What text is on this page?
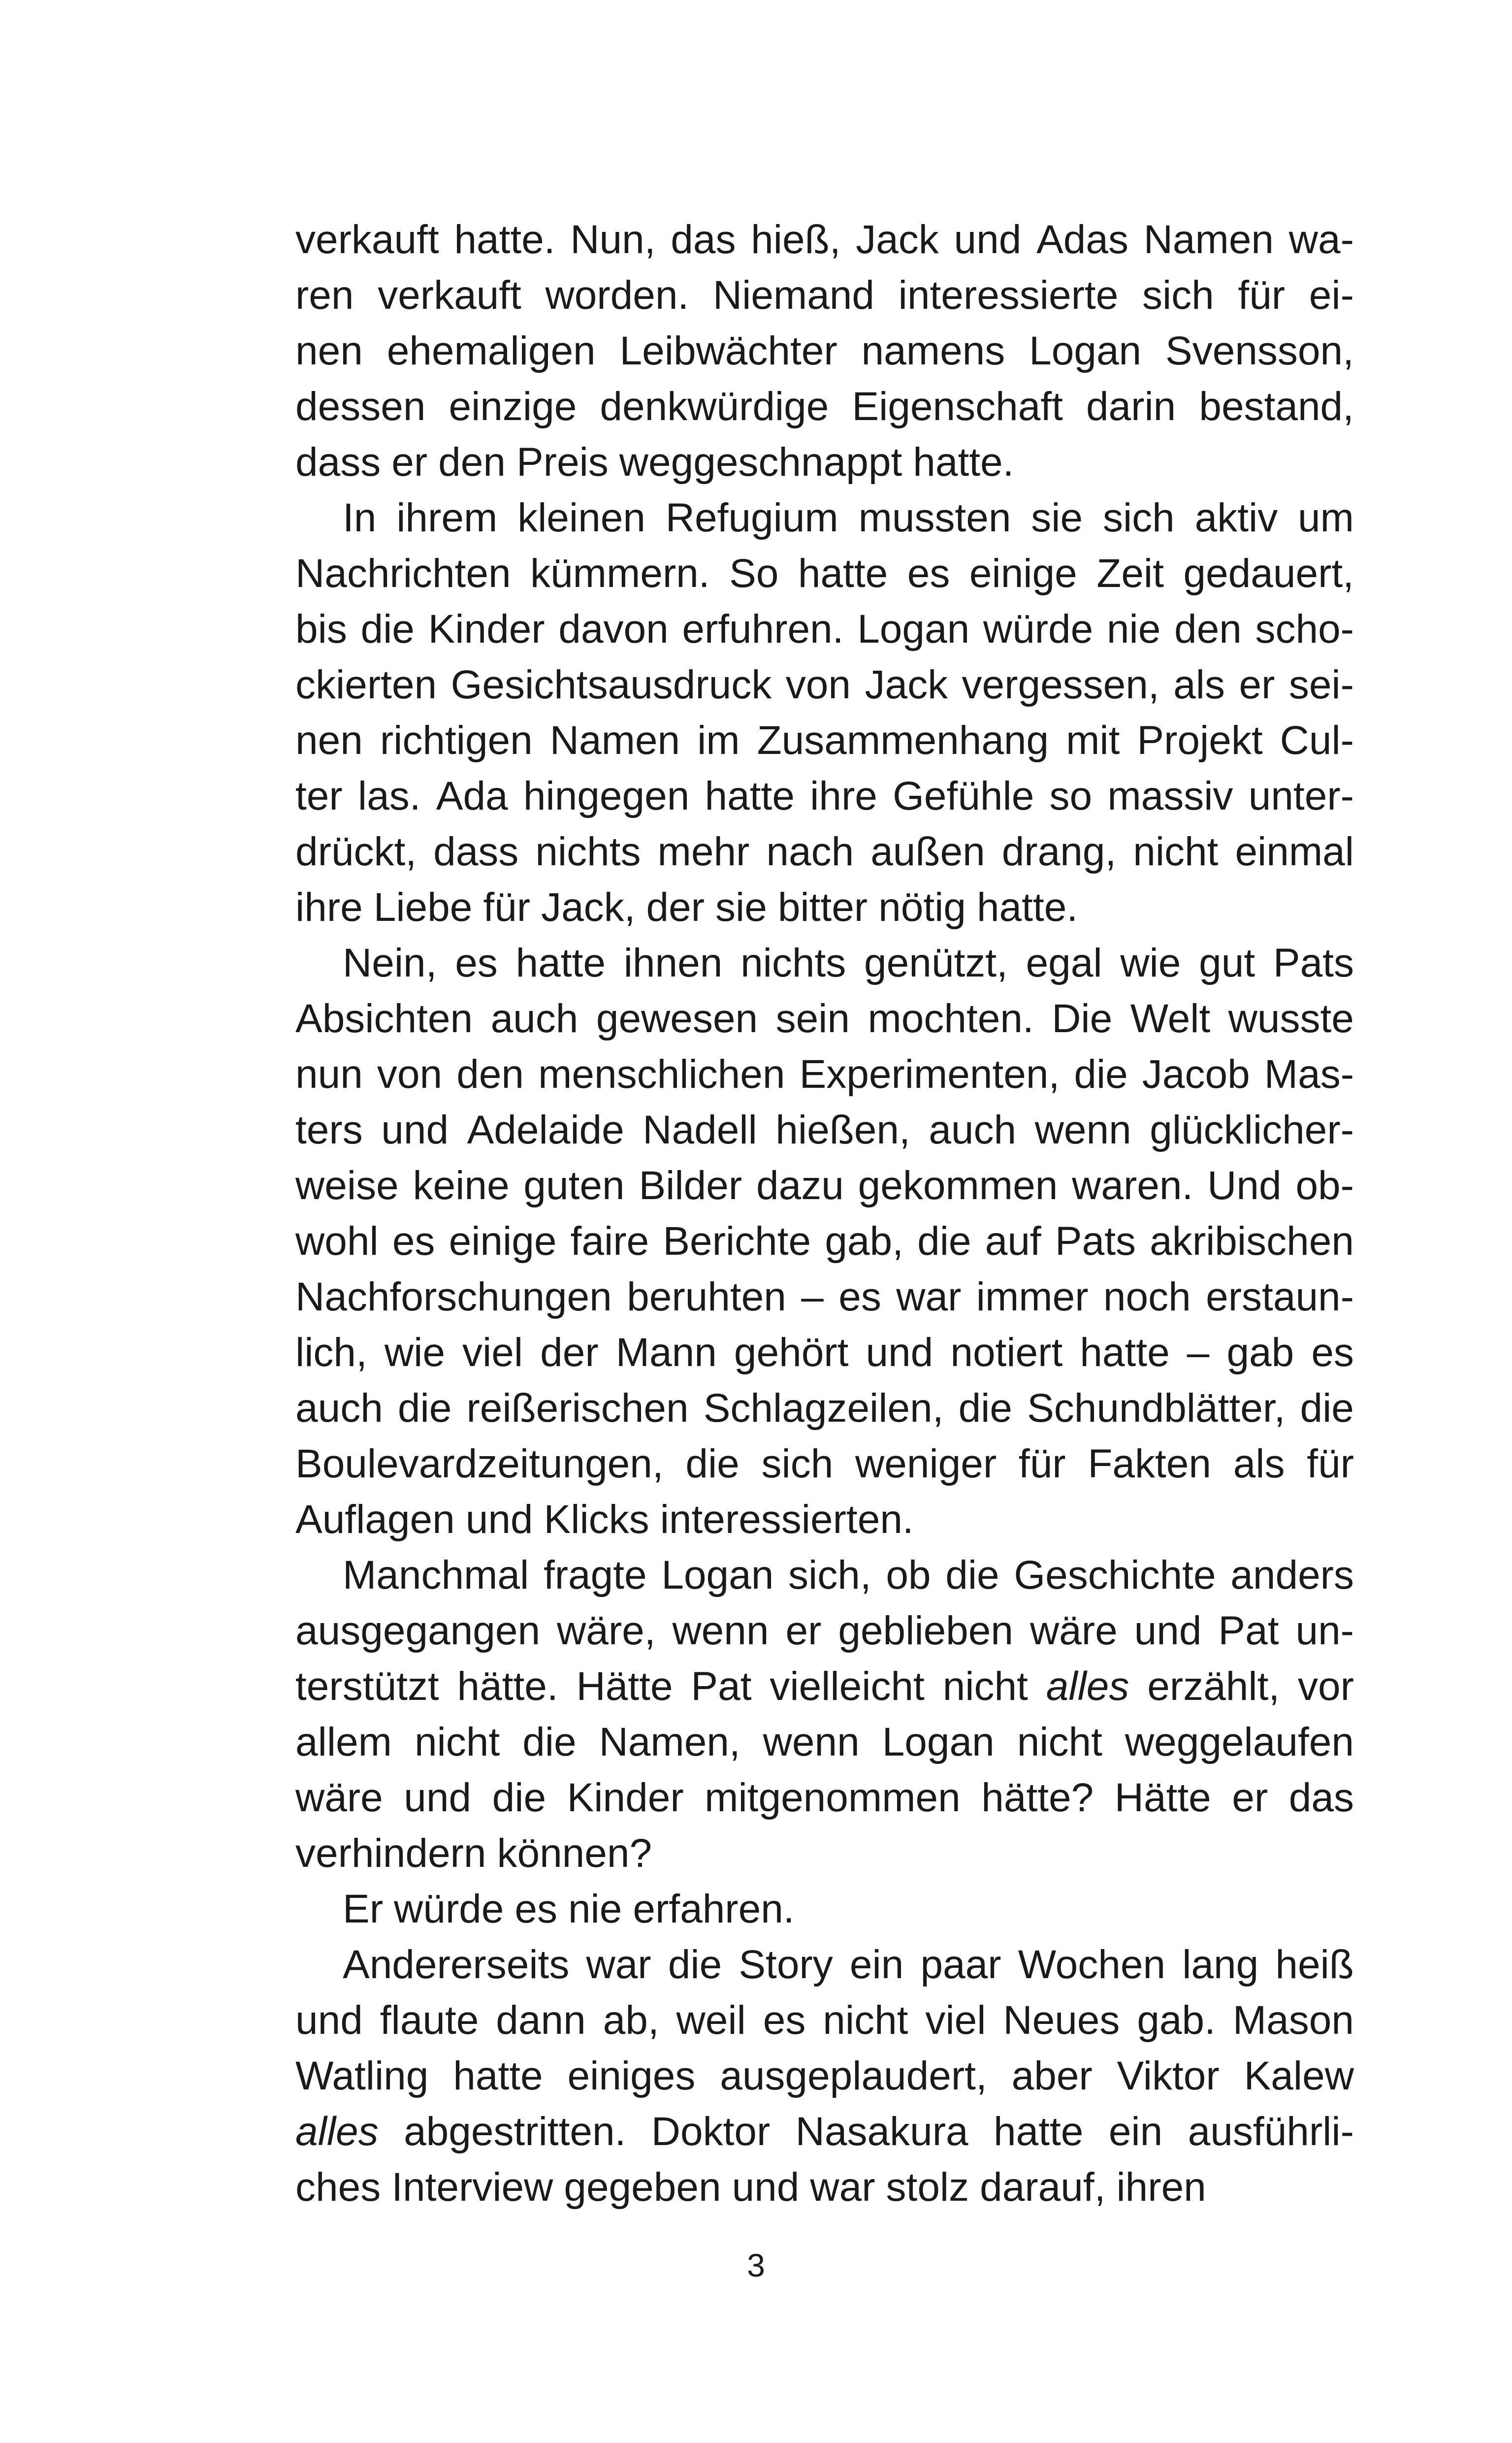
verkauft hatte. Nun, das hieß, Jack und Adas Namen wa-
ren verkauft worden. Niemand interessierte sich für ei-
nen ehemaligen Leibwächter namens Logan Svensson,
dessen einzige denkwürdige Eigenschaft darin bestand,
dass er den Preis weggeschnappt hatte.
In ihrem kleinen Refugium mussten sie sich aktiv um
Nachrichten kümmern. So hatte es einige Zeit gedauert,
bis die Kinder davon erfuhren. Logan würde nie den scho-
ckierten Gesichtsausdruck von Jack vergessen, als er sei-
nen richtigen Namen im Zusammenhang mit Projekt Cul-
ter las. Ada hingegen hatte ihre Gefühle so massiv unter-
drückt, dass nichts mehr nach außen drang, nicht einmal
ihre Liebe für Jack, der sie bitter nötig hatte.
Nein, es hatte ihnen nichts genützt, egal wie gut Pats
Absichten auch gewesen sein mochten. Die Welt wusste
nun von den menschlichen Experimenten, die Jacob Mas-
ters und Adelaide Nadell hießen, auch wenn glücklicher-
weise keine guten Bilder dazu gekommen waren. Und ob-
wohl es einige faire Berichte gab, die auf Pats akribischen
Nachforschungen beruhten – es war immer noch erstaun-
lich, wie viel der Mann gehört und notiert hatte – gab es
auch die reißerischen Schlagzeilen, die Schundblätter, die
Boulevardzeitungen, die sich weniger für Fakten als für
Auflagen und Klicks interessierten.
Manchmal fragte Logan sich, ob die Geschichte anders
ausgegangen wäre, wenn er geblieben wäre und Pat un-
terstützt hätte. Hätte Pat vielleicht nicht alles erzählt, vor
allem nicht die Namen, wenn Logan nicht weggelaufen
wäre und die Kinder mitgenommen hätte? Hätte er das
verhindern können?
Er würde es nie erfahren.
Andererseits war die Story ein paar Wochen lang heiß
und flaute dann ab, weil es nicht viel Neues gab. Mason
Watling hatte einiges ausgeplaudert, aber Viktor Kalew
alles abgestritten. Doktor Nasakura hatte ein ausführli-
ches Interview gegeben und war stolz darauf, ihren
3
